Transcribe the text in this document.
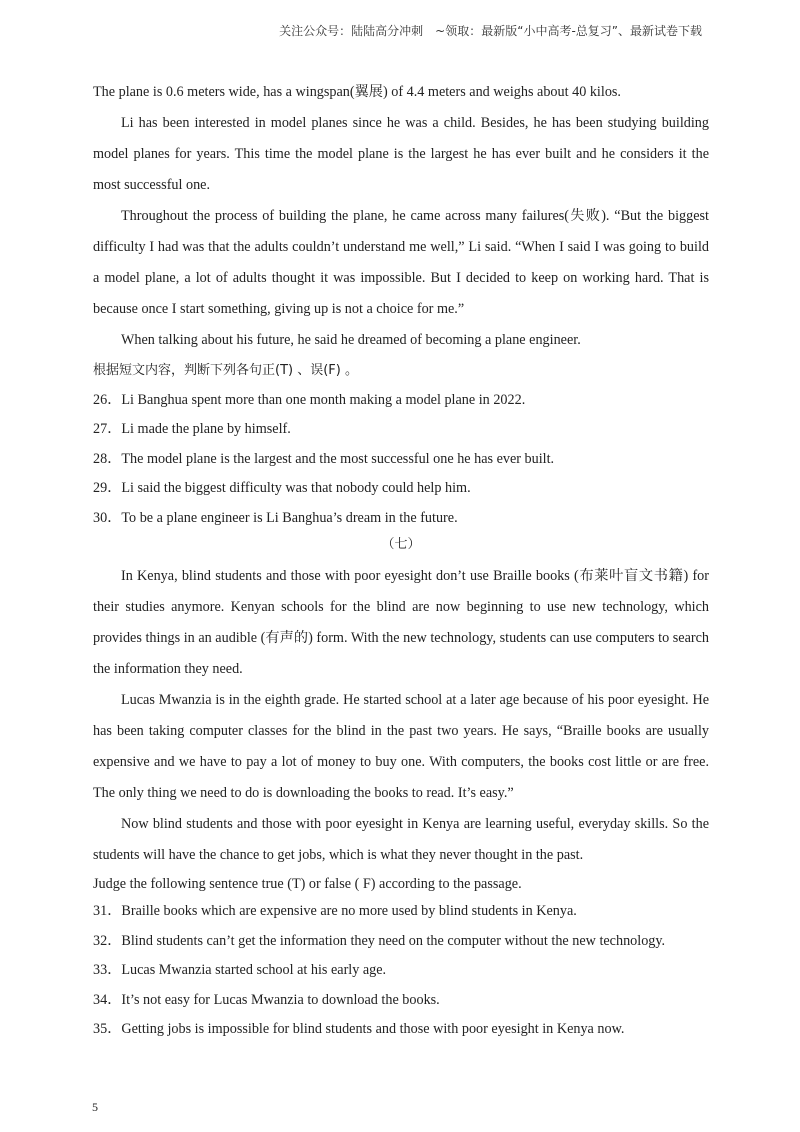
关注公众号：陆陆高分冲刺　~领取：最新版“小中高考-总复习”、最新试卷下载

The plane is 0.6 meters wide, has a wingspan(翼展) of 4.4 meters and weighs about 40 kilos.

Li has been interested in model planes since he was a child. Besides, he has been studying building model planes for years. This time the model plane is the largest he has ever built and he considers it the most successful one.

Throughout the process of building the plane, he came across many failures(失败). “But the biggest difficulty I had was that the adults couldn’t understand me well,” Li said. “When I said I was going to build a model plane, a lot of adults thought it was impossible. But I decided to keep on working hard. That is because once I start something, giving up is not a choice for me.”

When talking about his future, he said he dreamed of becoming a plane engineer.

根据短文内容，判断下列各句正(T) 、误(F) 。

26．Li Banghua spent more than one month making a model plane in 2022.

27．Li made the plane by himself.

28．The model plane is the largest and the most successful one he has ever built.

29．Li said the biggest difficulty was that nobody could help him.

30．To be a plane engineer is Li Banghua’s dream in the future.

（七）

In Kenya, blind students and those with poor eyesight don’t use Braille books (布莱叶盲文书籍) for their studies anymore. Kenyan schools for the blind are now beginning to use new technology, which provides things in an audible (有声的) form. With the new technology, students can use computers to search the information they need.

Lucas Mwanzia is in the eighth grade. He started school at a later age because of his poor eyesight. He has been taking computer classes for the blind in the past two years. He says, “Braille books are usually expensive and we have to pay a lot of money to buy one. With computers, the books cost little or are free. The only thing we need to do is downloading the books to read. It’s easy.”

Now blind students and those with poor eyesight in Kenya are learning useful, everyday skills. So the students will have the chance to get jobs, which is what they never thought in the past.

Judge the following sentence true (T) or false ( F) according to the passage.

31．Braille books which are expensive are no more used by blind students in Kenya.

32．Blind students can’t get the information they need on the computer without the new technology.

33．Lucas Mwanzia started school at his early age.

34．It’s not easy for Lucas Mwanzia to download the books.

35．Getting jobs is impossible for blind students and those with poor eyesight in Kenya now.

5
